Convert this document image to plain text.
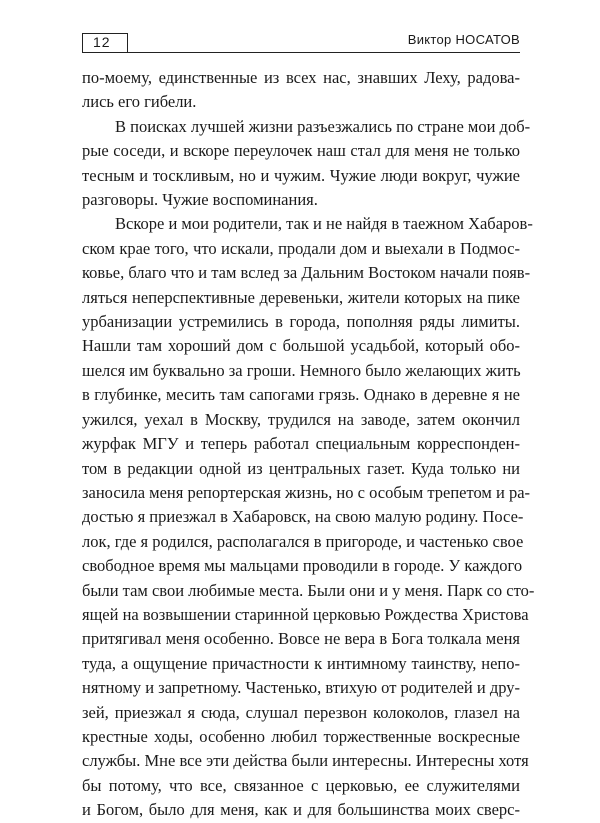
12	Виктор НОСАТОВ
по-моему, единственные из всех нас, знавших Леху, радова-
лись его гибели.
В поисках лучшей жизни разъезжались по стране мои доб-
рые соседи, и вскоре переулочек наш стал для меня не только
тесным и тоскливым, но и чужим. Чужие люди вокруг, чужие
разговоры. Чужие воспоминания.
Вскоре и мои родители, так и не найдя в таежном Хабаров-
ском крае того, что искали, продали дом и выехали в Подмос-
ковье, благо что и там вслед за Дальним Востоком начали появ-
ляться неперспективные деревеньки, жители которых на пике
урбанизации устремились в города, пополняя ряды лимиты.
Нашли там хороший дом с большой усадьбой, который обо-
шелся им буквально за гроши. Немного было желающих жить
в глубинке, месить там сапогами грязь. Однако в деревне я не
ужился, уехал в Москву, трудился на заводе, затем окончил
журфак МГУ и теперь работал специальным корреспонден-
том в редакции одной из центральных газет. Куда только ни
заносила меня репортерская жизнь, но с особым трепетом и ра-
достью я приезжал в Хабаровск, на свою малую родину. Посе-
лок, где я родился, располагался в пригороде, и частенько свое
свободное время мы мальцами проводили в городе. У каждого
были там свои любимые места. Были они и у меня. Парк со сто-
ящей на возвышении старинной церковью Рождества Христова
притягивал меня особенно. Вовсе не вера в Бога толкала меня
туда, а ощущение причастности к интимному таинству, непо-
нятному и запретному. Частенько, втихую от родителей и дру-
зей, приезжал я сюда, слушал перезвон колоколов, глазел на
крестные ходы, особенно любил торжественные воскресные
службы. Мне все эти действа были интересны. Интересны хотя
бы потому, что все, связанное с церковью, ее служителями
и Богом, было для меня, как и для большинства моих сверс-
